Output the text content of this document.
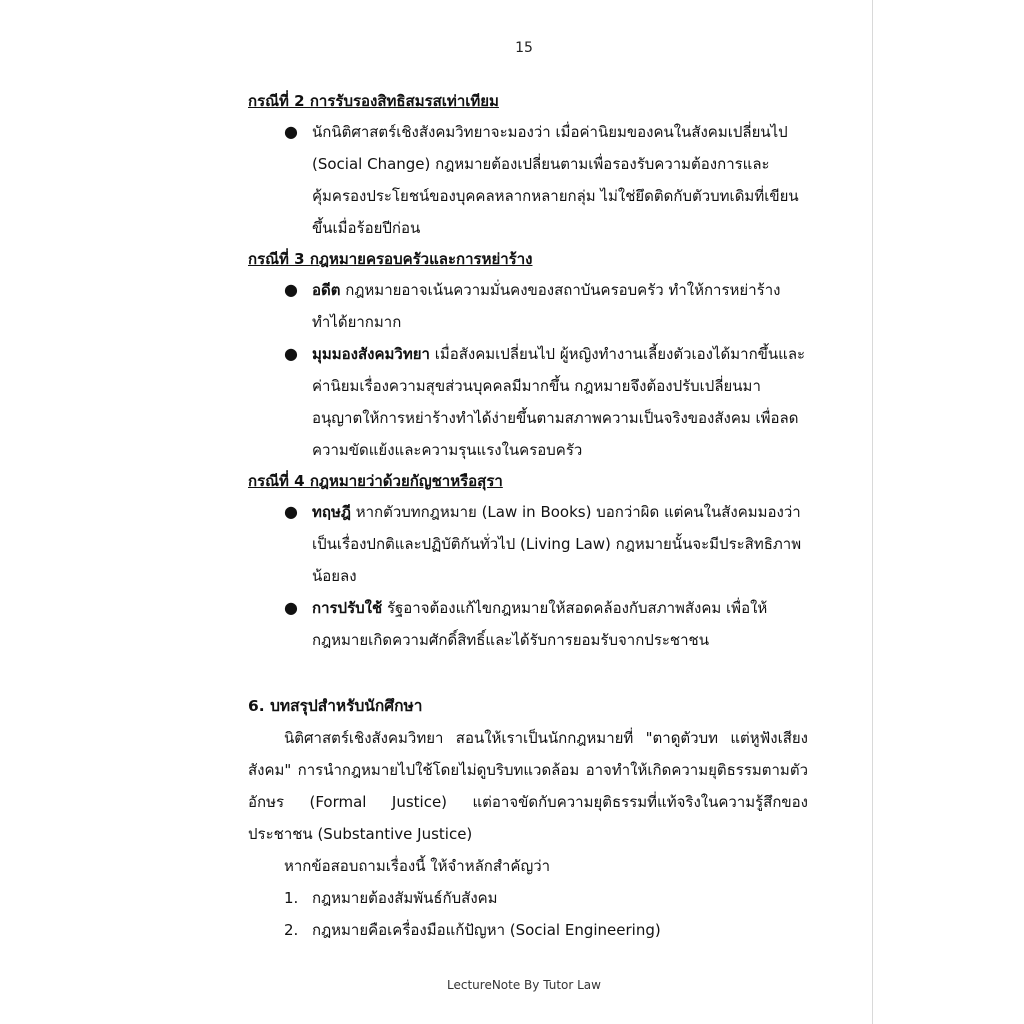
15
กรณีที่ 2 การรับรองสิทธิสมรสเท่าเทียม
● นักนิติศาสตร์เชิงสังคมวิทยาจะมองว่า เมื่อค่านิยมของคนในสังคมเปลี่ยนไป (Social Change) กฎหมายต้องเปลี่ยนตามเพื่อรองรับความต้องการและคุ้มครองประโยชน์ของบุคคลหลากหลายกลุ่ม ไม่ใช่ยึดติดกับตัวบทเดิมที่เขียนขึ้นเมื่อร้อยปีก่อน
กรณีที่ 3 กฎหมายครอบครัวและการหย่าร้าง
● อดีต กฎหมายอาจเน้นความมั่นคงของสถาบันครอบครัว ทำให้การหย่าร้างทำได้ยากมาก
● มุมมองสังคมวิทยา เมื่อสังคมเปลี่ยนไป ผู้หญิงทำงานเลี้ยงตัวเองได้มากขึ้นและค่านิยมเรื่องความสุขส่วนบุคคลมีมากขึ้น กฎหมายจึงต้องปรับเปลี่ยนมาอนุญาตให้การหย่าร้างทำได้ง่ายขึ้นตามสภาพความเป็นจริงของสังคม เพื่อลดความขัดแย้งและความรุนแรงในครอบครัว
กรณีที่ 4 กฎหมายว่าด้วยกัญชาหรือสุรา
● ทฤษฎี หากตัวบทกฎหมาย (Law in Books) บอกว่าผิด แต่คนในสังคมมองว่าเป็นเรื่องปกติและปฏิบัติกันทั่วไป (Living Law) กฎหมายนั้นจะมีประสิทธิภาพน้อยลง
● การปรับใช้ รัฐอาจต้องแก้ไขกฎหมายให้สอดคล้องกับสภาพสังคม เพื่อให้กฎหมายเกิดความศักดิ์สิทธิ์และได้รับการยอมรับจากประชาชน
6. บทสรุปสำหรับนักศึกษา

นิติศาสตร์เชิงสังคมวิทยา สอนให้เราเป็นนักกฎหมายที่ "ตาดูตัวบท แต่หูฟังเสียงสังคม" การนำกฎหมายไปใช้โดยไม่ดูบริบทแวดล้อม อาจทำให้เกิดความยุติธรรมตามตัวอักษร (Formal Justice) แต่อาจขัดกับความยุติธรรมที่แท้จริงในความรู้สึกของประชาชน (Substantive Justice)

หากข้อสอบถามเรื่องนี้ ให้จำหลักสำคัญว่า

1. กฎหมายต้องสัมพันธ์กับสังคม
2. กฎหมายคือเครื่องมือแก้ปัญหา (Social Engineering)
LectureNote By Tutor Law
